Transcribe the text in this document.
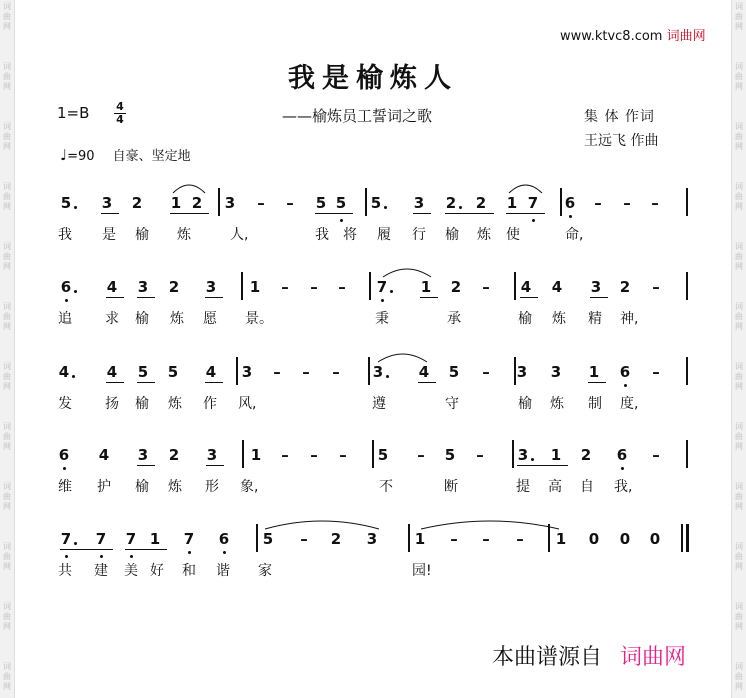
词
曲
网
词
曲
网
词
曲
网
词
曲
网
词
曲
网
词
曲
网
词
曲
网
词
曲
网
词
曲
网
词
曲
网
词
曲
网
词
曲
网
词
曲
网
词
曲
网
词
曲
网
词
曲
网
词
曲
网
词
曲
网
词
曲
网
词
曲
网
词
曲
网
词
曲
网
词
曲
网
词
曲
网
www.ktvc8.com 词曲网
我是榆炼人
1=B 4
4	——榆炼员工誓词之歌	集 体 作词
王远飞 作曲
♩=90 自豪、坚定地
5 3 2 1 2 3 – – 5 5 5 3 2 2 1 7 6 – – –
我 是 榆 炼	人,	我 将 履 行 榆 炼 使	命,
6 4 3 2 3 1 – – – 7 1 2 – 4 4 3 2 –
追 求 榆 炼 愿 景。	秉	承	榆 炼 精 神,
4	4 5 5 4 3 – – – 3 4 5 – 3 3 1 6 –
发 扬 榆 炼 作 风,	遵	守	榆 炼 制 度,
6 4 3 2 3 1 – – – 5 – 5 – 3 1 2 6 –
维 护 榆 炼 形 象,	不	断	提 高 自 我,
7 7 7 1 7 6 5 – 2 3	1 – – – 1 0 0 0
共 建 美 好 和 谐 家	园!
本曲谱源自 词曲网
